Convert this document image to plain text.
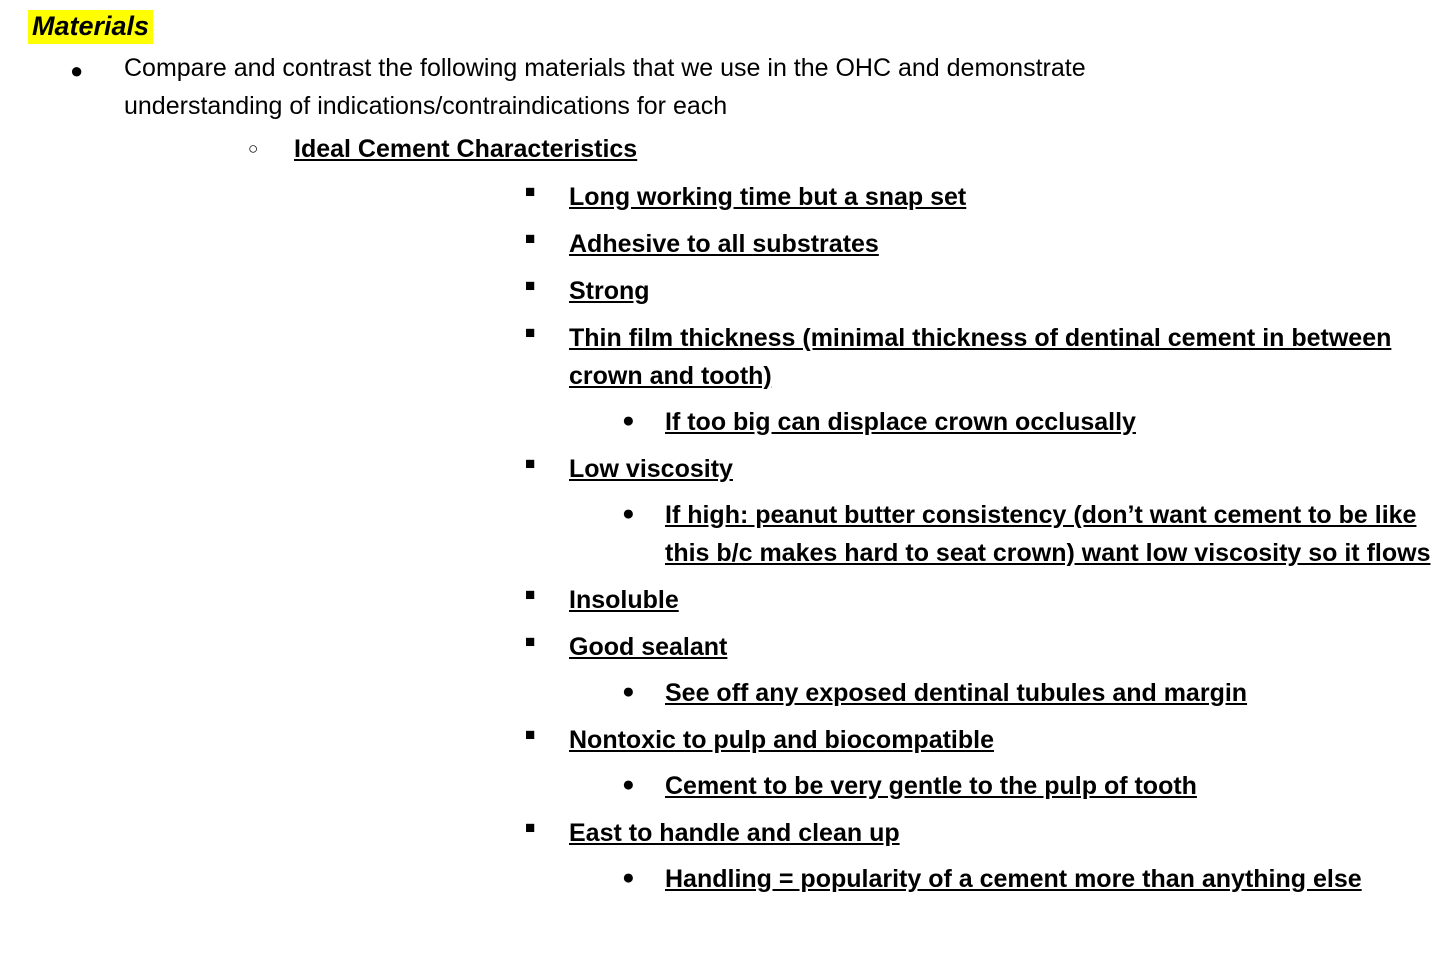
Materials
●	Compare and contrast the following materials that we use in the OHC and demonstrate understanding of indications/contraindications for each
○	Ideal Cement Characteristics
■	Long working time but a snap set
■	Adhesive to all substrates
■	Strong
■	Thin film thickness (minimal thickness of dentinal cement in between crown and tooth)
●	If too big can displace crown occlusally
■	Low viscosity
●	If high: peanut butter consistency (don’t want cement to be like this b/c makes hard to seat crown) want low viscosity so it flows
■	Insoluble
■	Good sealant
●	See off any exposed dentinal tubules and margin
■	Nontoxic to pulp and biocompatible
●	Cement to be very gentle to the pulp of tooth
■	East to handle and clean up
●	Handling = popularity of a cement more than anything else
